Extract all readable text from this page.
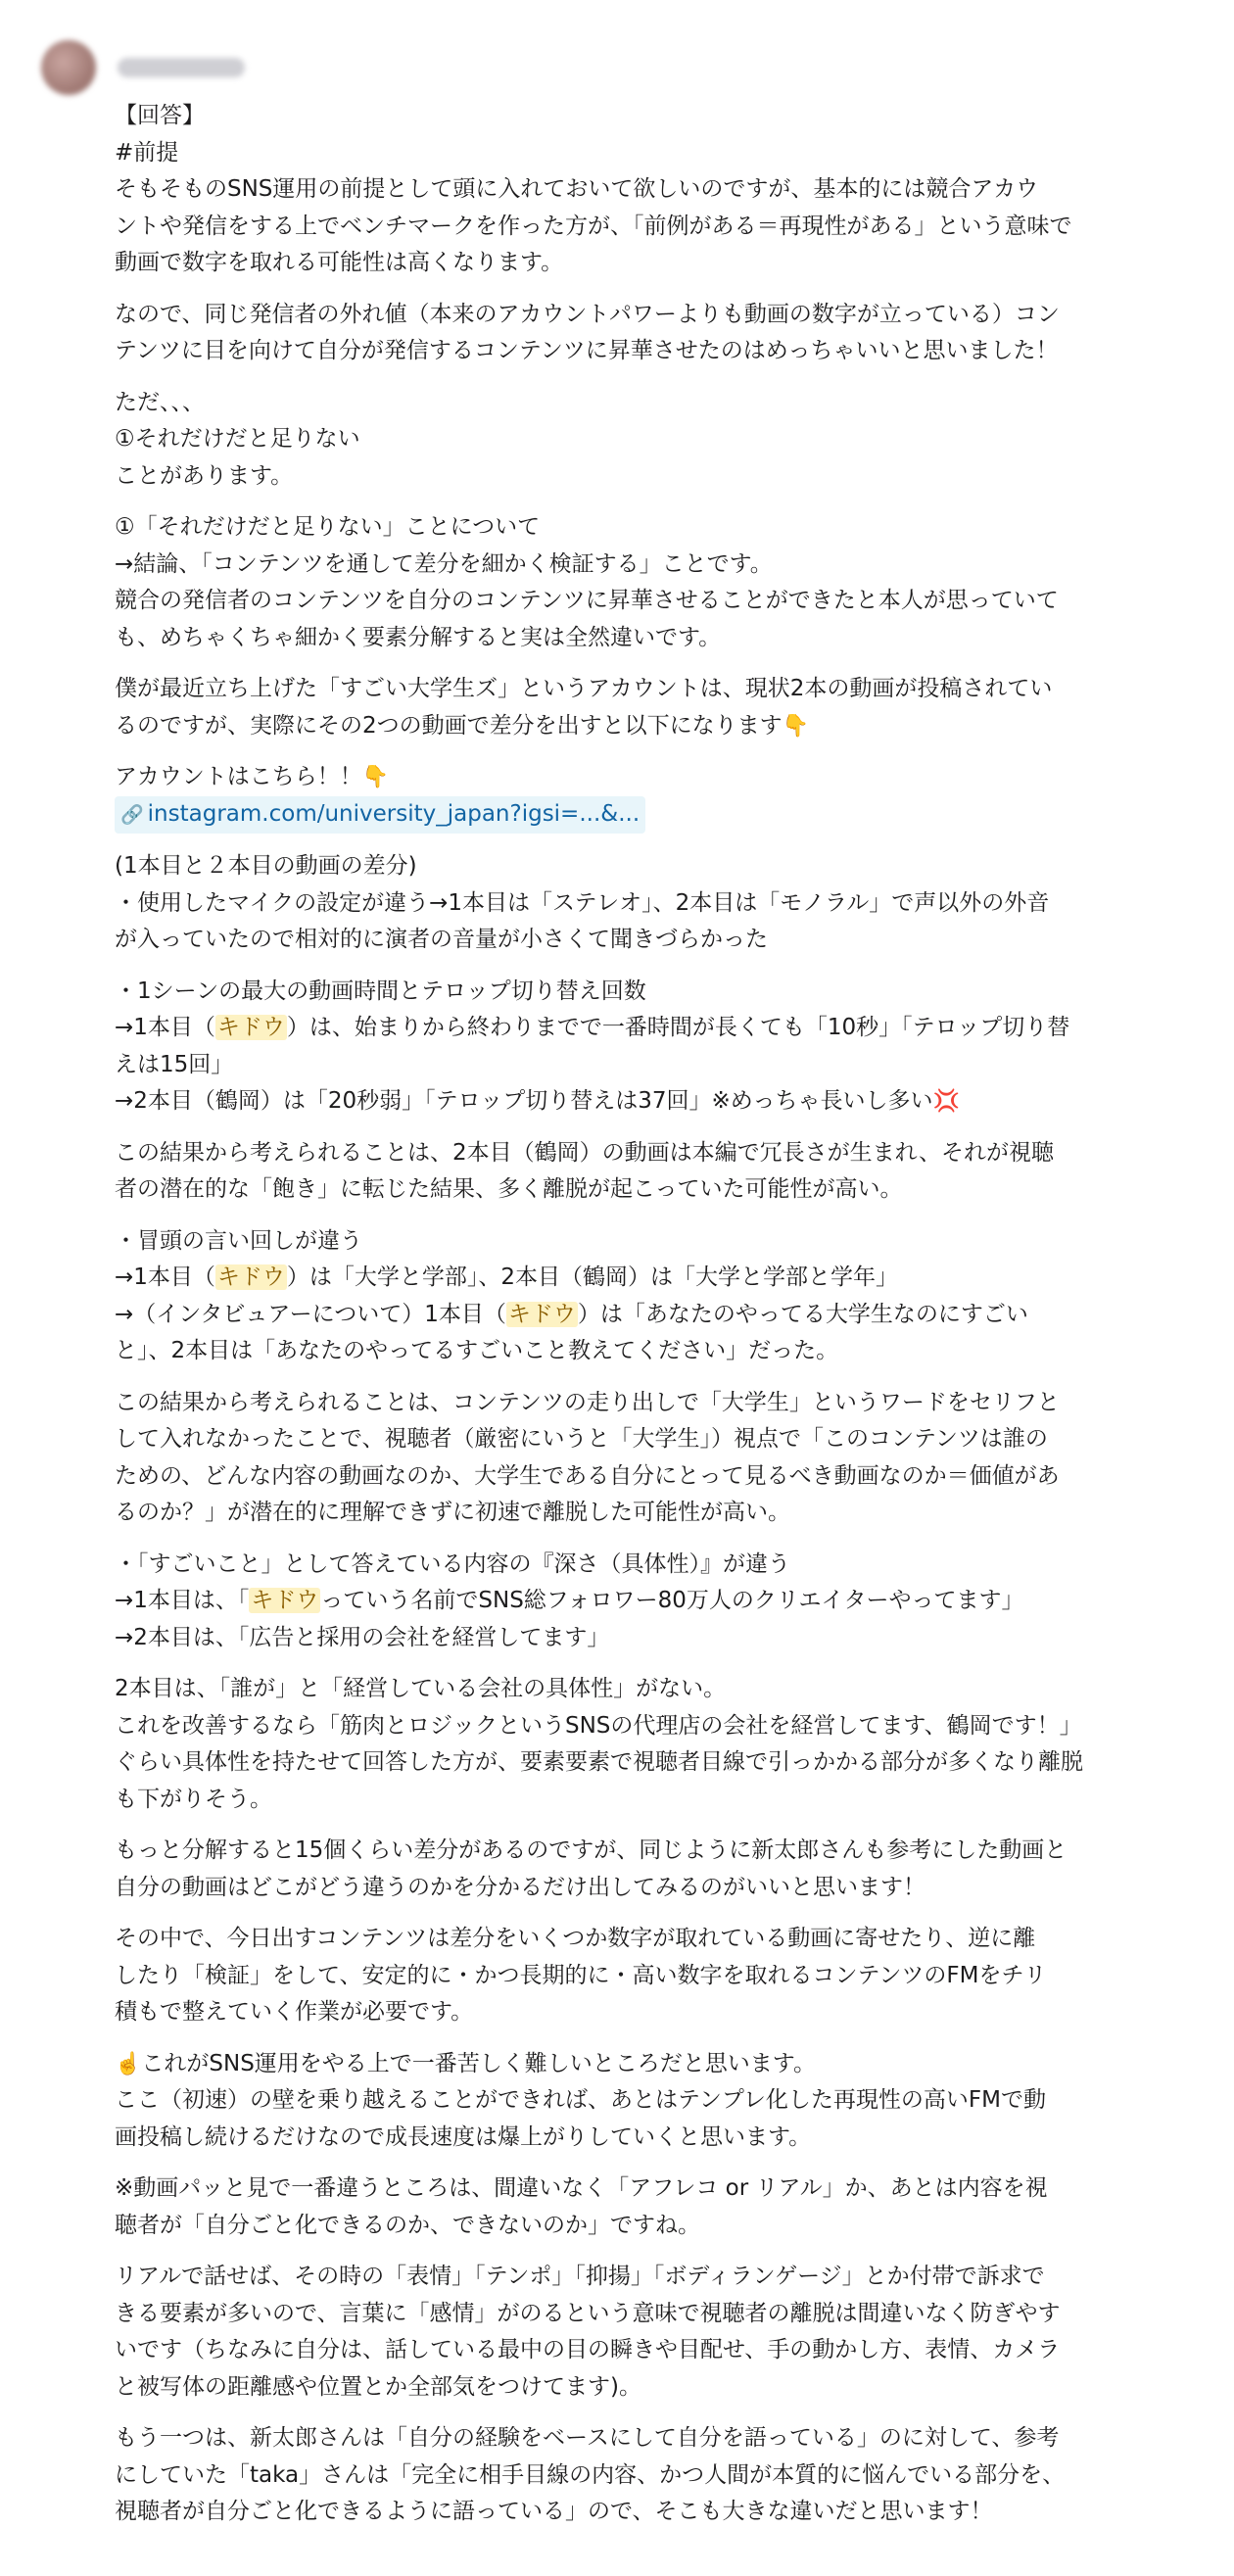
【回答】
#前提
そもそものSNS運用の前提として頭に入れておいて欲しいのですが、基本的には競合アカウ
ントや発信をする上でベンチマークを作った方が、「前例がある＝再現性がある」という意味で
動画で数字を取れる可能性は高くなります。

なので、同じ発信者の外れ値（本来のアカウントパワーよりも動画の数字が立っている）コン
テンツに目を向けて自分が発信するコンテンツに昇華させたのはめっちゃいいと思いました！

ただ、、、
①それだけだと足りない
ことがあります。

①「それだけだと足りない」ことについて
→結論、「コンテンツを通して差分を細かく検証する」ことです。
競合の発信者のコンテンツを自分のコンテンツに昇華させることができたと本人が思っていて
も、めちゃくちゃ細かく要素分解すると実は全然違いです。

僕が最近立ち上げた「すごい大学生ズ」というアカウントは、現状2本の動画が投稿されてい
るのですが、実際にその2つの動画で差分を出すと以下になります👇

アカウントはこちら！！👇
🔗 instagram.com/university_japan?igsi=...&...

(1本目と２本目の動画の差分)
・使用したマイクの設定が違う→1本目は「ステレオ」、2本目は「モノラル」で声以外の外音
が入っていたので相対的に演者の音量が小さくて聞きづらかった

・1シーンの最大の動画時間とテロップ切り替え回数
→1本目（キドウ）は、始まりから終わりまでで一番時間が長くても「10秒」「テロップ切り替
えは15回」
→2本目（鶴岡）は「20秒弱」「テロップ切り替えは37回」※めっちゃ長いし多い💢

この結果から考えられることは、2本目（鶴岡）の動画は本編で冗長さが生まれ、それが視聴
者の潜在的な「飽き」に転じた結果、多く離脱が起こっていた可能性が高い。

・冒頭の言い回しが違う
→1本目（キドウ）は「大学と学部」、2本目（鶴岡）は「大学と学部と学年」
→（インタビュアーについて）1本目（キドウ）は「あなたのやってる大学生なのにすごい
と」、2本目は「あなたのやってるすごいこと教えてください」だった。

この結果から考えられることは、コンテンツの走り出しで「大学生」というワードをセリフと
して入れなかったことで、視聴者（厳密にいうと「大学生」）視点で「このコンテンツは誰の
ための、どんな内容の動画なのか、大学生である自分にとって見るべき動画なのか＝価値があ
るのか？」が潜在的に理解できずに初速で離脱した可能性が高い。

・「すごいこと」として答えている内容の『深さ（具体性）』が違う
→1本目は、「キドウっていう名前でSNS総フォロワー80万人のクリエイターやってます」
→2本目は、「広告と採用の会社を経営してます」

2本目は、「誰が」と「経営している会社の具体性」がない。
これを改善するなら「筋肉とロジックというSNSの代理店の会社を経営してます、鶴岡です！」
ぐらい具体性を持たせて回答した方が、要素要素で視聴者目線で引っかかる部分が多くなり離脱
も下がりそう。

もっと分解すると15個くらい差分があるのですが、同じように新太郎さんも参考にした動画と
自分の動画はどこがどう違うのかを分かるだけ出してみるのがいいと思います！

その中で、今日出すコンテンツは差分をいくつか数字が取れている動画に寄せたり、逆に離
したり「検証」をして、安定的に・かつ長期的に・高い数字を取れるコンテンツのFMをチリ
積もで整えていく作業が必要です。

☝️これがSNS運用をやる上で一番苦しく難しいところだと思います。
ここ（初速）の壁を乗り越えることができれば、あとはテンプレ化した再現性の高いFMで動
画投稿し続けるだけなので成長速度は爆上がりしていくと思います。

※動画パッと見で一番違うところは、間違いなく「アフレコ or リアル」か、あとは内容を視
聴者が「自分ごと化できるのか、できないのか」ですね。

リアルで話せば、その時の「表情」「テンポ」「抑揚」「ボディランゲージ」とか付帯で訴求で
きる要素が多いので、言葉に「感情」がのるという意味で視聴者の離脱は間違いなく防ぎやす
いです（ちなみに自分は、話している最中の目の瞬きや目配せ、手の動かし方、表情、カメラ
と被写体の距離感や位置とか全部気をつけてます)。

もう一つは、新太郎さんは「自分の経験をベースにして自分を語っている」のに対して、参考
にしていた「taka」さんは「完全に相手目線の内容、かつ人間が本質的に悩んでいる部分を、
視聴者が自分ごと化できるように語っている」ので、そこも大きな違いだと思います！
